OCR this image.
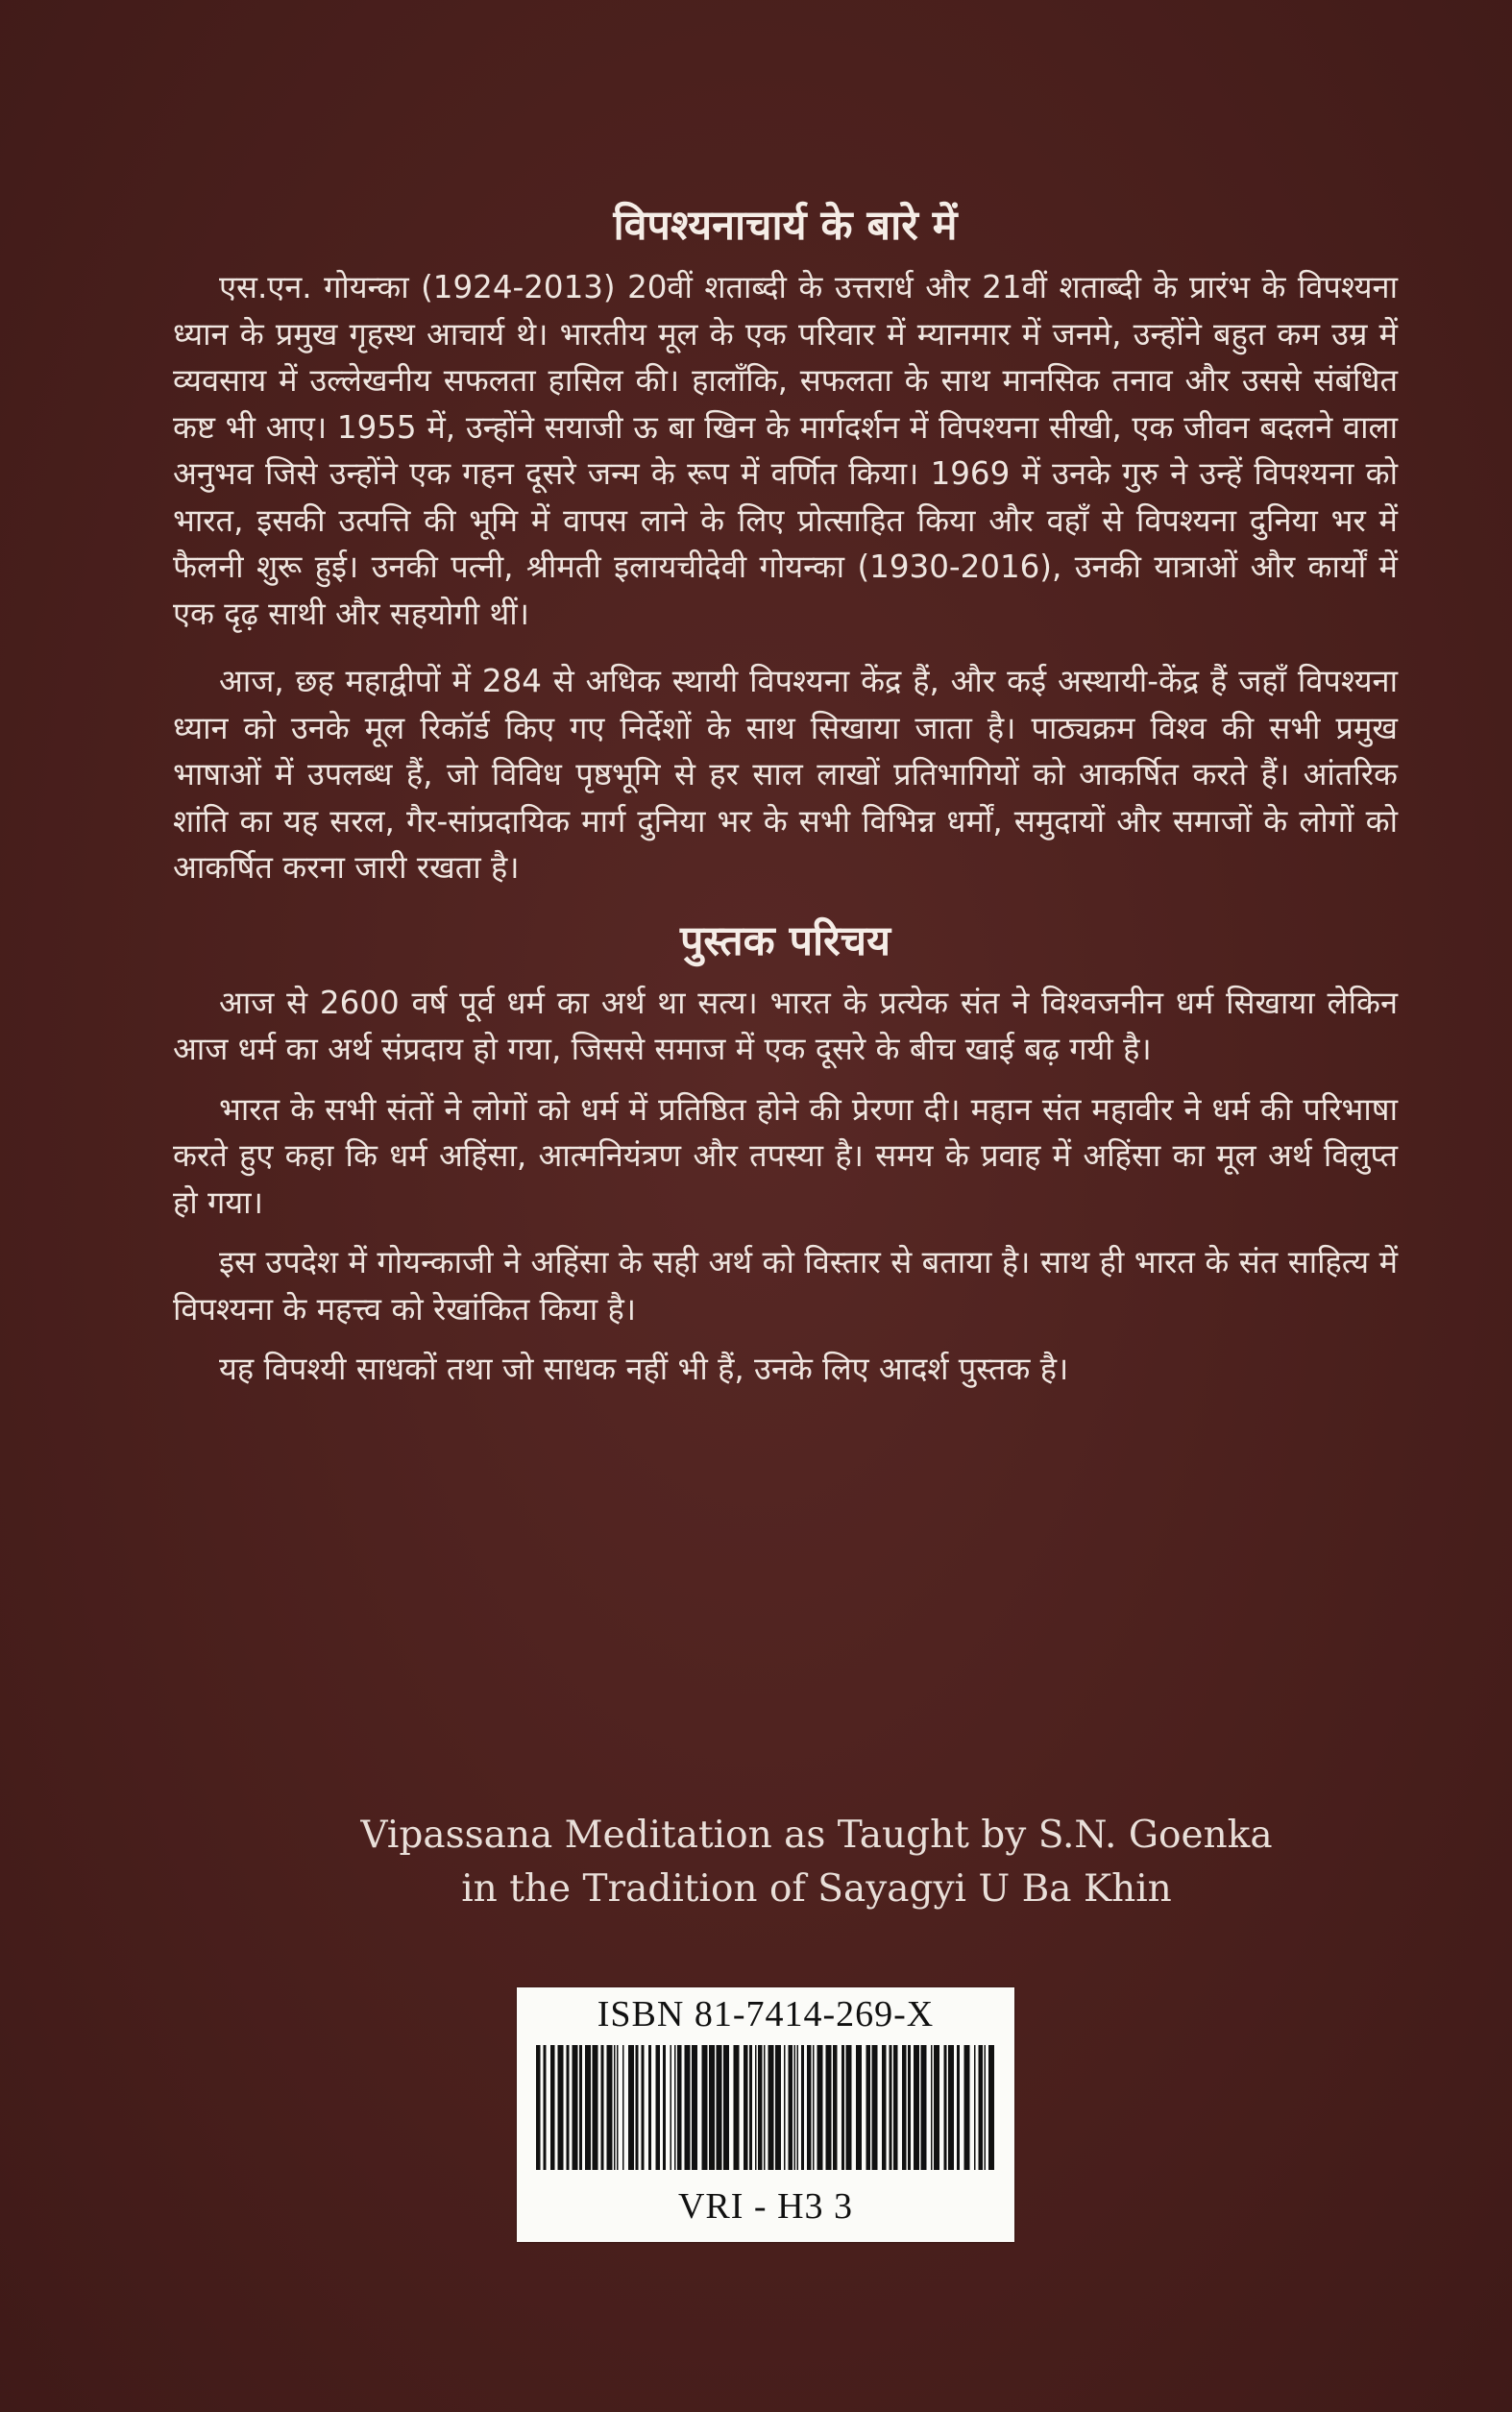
विपश्यनाचार्य के बारे में

एस.एन. गोयन्का (1924-2013) 20वीं शताब्दी के उत्तरार्ध और 21वीं शताब्दी के प्रारंभ के विपश्यना ध्यान के प्रमुख गृहस्थ आचार्य थे। भारतीय मूल के एक परिवार में म्यानमार में जनमे, उन्होंने बहुत कम उम्र में व्यवसाय में उल्लेखनीय सफलता हासिल की। हालाँकि, सफलता के साथ मानसिक तनाव और उससे संबंधित कष्ट भी आए। 1955 में, उन्होंने सयाजी ऊ बा खिन के मार्गदर्शन में विपश्यना सीखी, एक जीवन बदलने वाला अनुभव जिसे उन्होंने एक गहन दूसरे जन्म के रूप में वर्णित किया। 1969 में उनके गुरु ने उन्हें विपश्यना को भारत, इसकी उत्पत्ति की भूमि में वापस लाने के लिए प्रोत्साहित किया और वहाँ से विपश्यना दुनिया भर में फैलनी शुरू हुई। उनकी पत्नी, श्रीमती इलायचीदेवी गोयन्का (1930-2016), उनकी यात्राओं और कार्यों में एक दृढ़ साथी और सहयोगी थीं।

आज, छह महाद्वीपों में 284 से अधिक स्थायी विपश्यना केंद्र हैं, और कई अस्थायी-केंद्र हैं जहाँ विपश्यना ध्यान को उनके मूल रिकॉर्ड किए गए निर्देशों के साथ सिखाया जाता है। पाठ्यक्रम विश्व की सभी प्रमुख भाषाओं में उपलब्ध हैं, जो विविध पृष्ठभूमि से हर साल लाखों प्रतिभागियों को आकर्षित करते हैं। आंतरिक शांति का यह सरल, गैर-सांप्रदायिक मार्ग दुनिया भर के सभी विभिन्न धर्मों, समुदायों और समाजों के लोगों को आकर्षित करना जारी रखता है।

पुस्तक परिचय

आज से 2600 वर्ष पूर्व धर्म का अर्थ था सत्य। भारत के प्रत्येक संत ने विश्वजनीन धर्म सिखाया लेकिन आज धर्म का अर्थ संप्रदाय हो गया, जिससे समाज में एक दूसरे के बीच खाई बढ़ गयी है।

भारत के सभी संतों ने लोगों को धर्म में प्रतिष्ठित होने की प्रेरणा दी। महान संत महावीर ने धर्म की परिभाषा करते हुए कहा कि धर्म अहिंसा, आत्मनियंत्रण और तपस्या है। समय के प्रवाह में अहिंसा का मूल अर्थ विलुप्त हो गया।

इस उपदेश में गोयन्काजी ने अहिंसा के सही अर्थ को विस्तार से बताया है। साथ ही भारत के संत साहित्य में विपश्यना के महत्त्व को रेखांकित किया है।

यह विपश्यी साधकों तथा जो साधक नहीं भी हैं, उनके लिए आदर्श पुस्तक है।

Vipassana Meditation as Taught by S.N. Goenka
in the Tradition of Sayagyi U Ba Khin
ISBN 81-7414-269-X
VRI - H3 3
